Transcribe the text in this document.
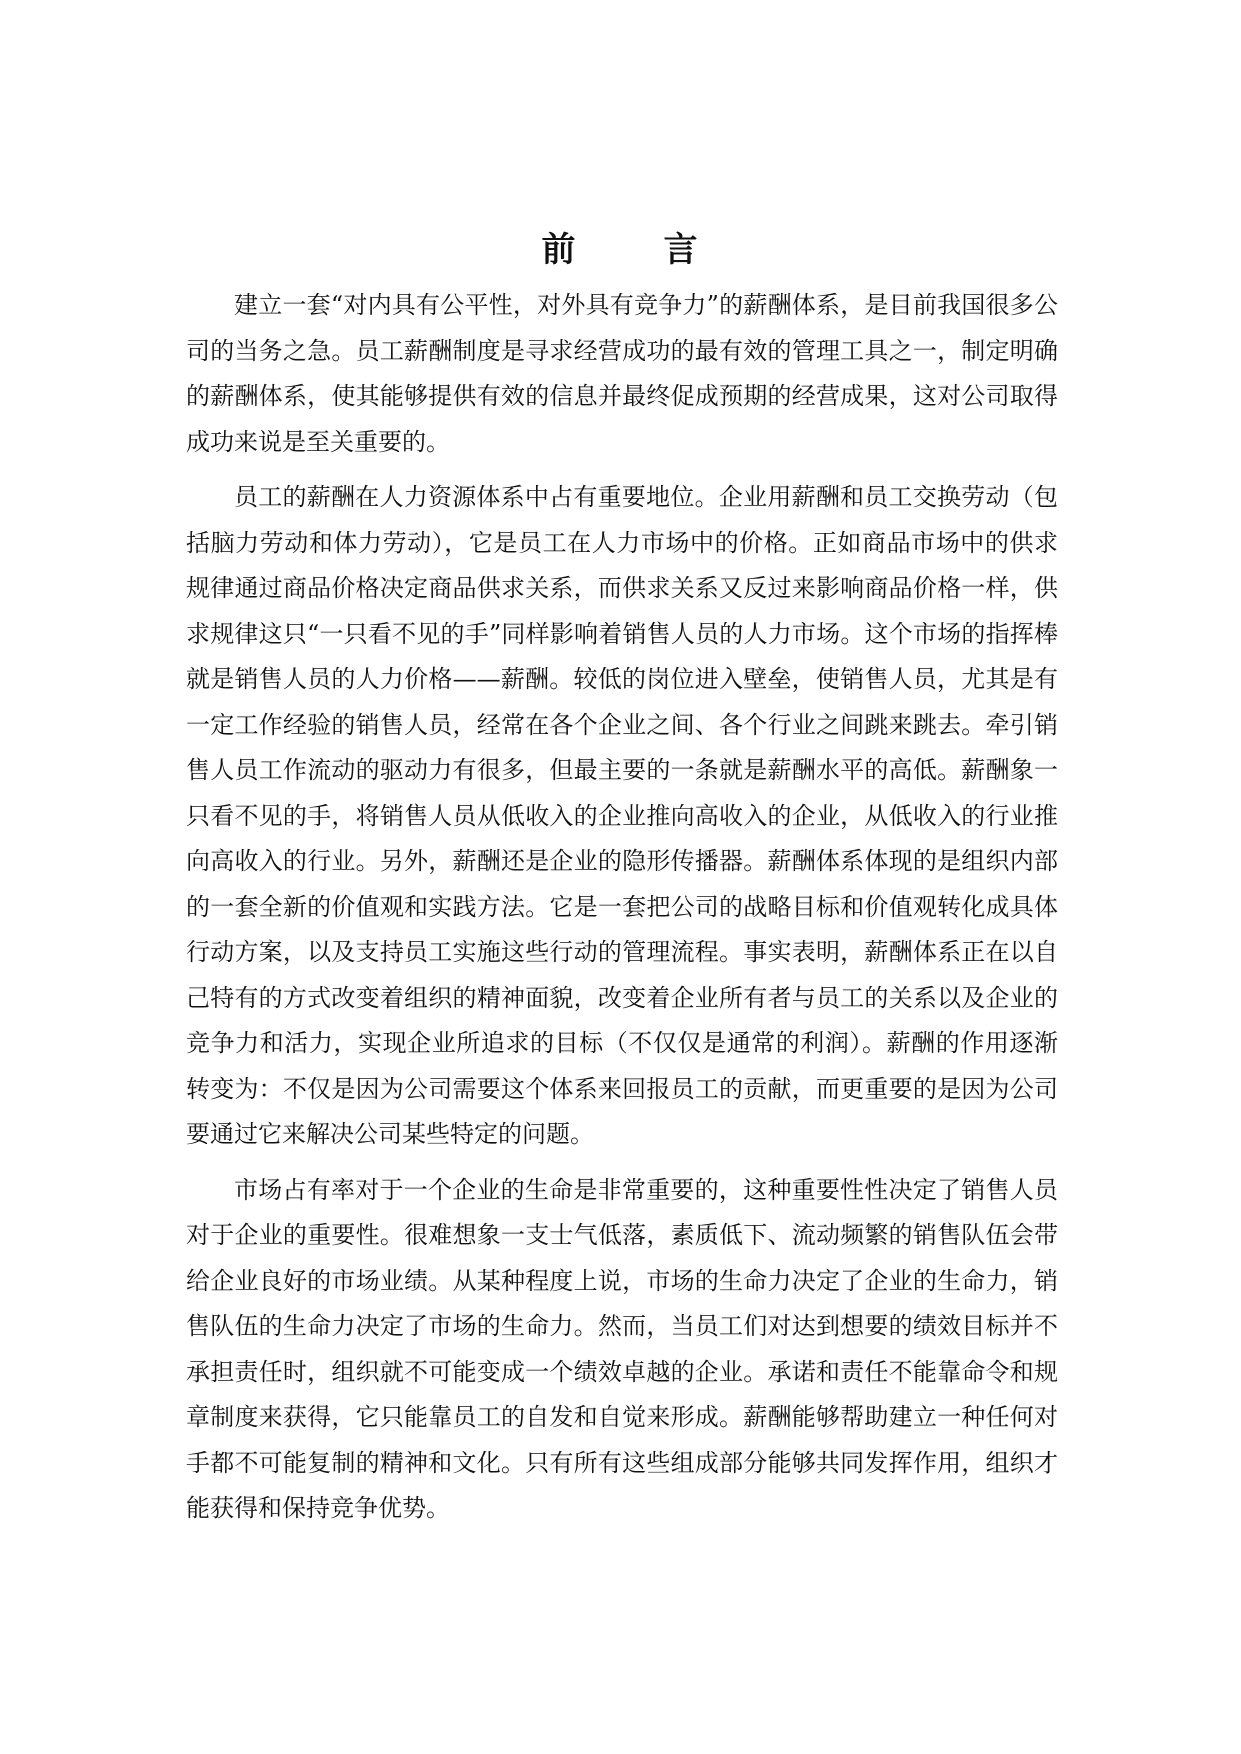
前	言

建立一套“对内具有公平性，对外具有竞争力”的薪酬体系，是目前我国很多公司的当务之急。员工薪酬制度是寻求经营成功的最有效的管理工具之一，制定明确的薪酬体系，使其能够提供有效的信息并最终促成预期的经营成果，这对公司取得成功来说是至关重要的。

员工的薪酬在人力资源体系中占有重要地位。企业用薪酬和员工交换劳动（包括脑力劳动和体力劳动），它是员工在人力市场中的价格。正如商品市场中的供求规律通过商品价格决定商品供求关系，而供求关系又反过来影响商品价格一样，供求规律这只“一只看不见的手”同样影响着销售人员的人力市场。这个市场的指挥棒就是销售人员的人力价格——薪酬。较低的岗位进入壁垒，使销售人员，尤其是有一定工作经验的销售人员，经常在各个企业之间、各个行业之间跳来跳去。牵引销售人员工作流动的驱动力有很多，但最主要的一条就是薪酬水平的高低。薪酬象一只看不见的手，将销售人员从低收入的企业推向高收入的企业，从低收入的行业推向高收入的行业。另外，薪酬还是企业的隐形传播器。薪酬体系体现的是组织内部的一套全新的价值观和实践方法。它是一套把公司的战略目标和价值观转化成具体行动方案，以及支持员工实施这些行动的管理流程。事实表明，薪酬体系正在以自己特有的方式改变着组织的精神面貌，改变着企业所有者与员工的关系以及企业的竞争力和活力，实现企业所追求的目标（不仅仅是通常的利润）。薪酬的作用逐渐转变为：不仅是因为公司需要这个体系来回报员工的贡献，而更重要的是因为公司要通过它来解决公司某些特定的问题。

市场占有率对于一个企业的生命是非常重要的，这种重要性性决定了销售人员对于企业的重要性。很难想象一支士气低落，素质低下、流动频繁的销售队伍会带给企业良好的市场业绩。从某种程度上说，市场的生命力决定了企业的生命力，销售队伍的生命力决定了市场的生命力。然而，当员工们对达到想要的绩效目标并不承担责任时，组织就不可能变成一个绩效卓越的企业。承诺和责任不能靠命令和规章制度来获得，它只能靠员工的自发和自觉来形成。薪酬能够帮助建立一种任何对手都不可能复制的精神和文化。只有所有这些组成部分能够共同发挥作用，组织才能获得和保持竞争优势。
